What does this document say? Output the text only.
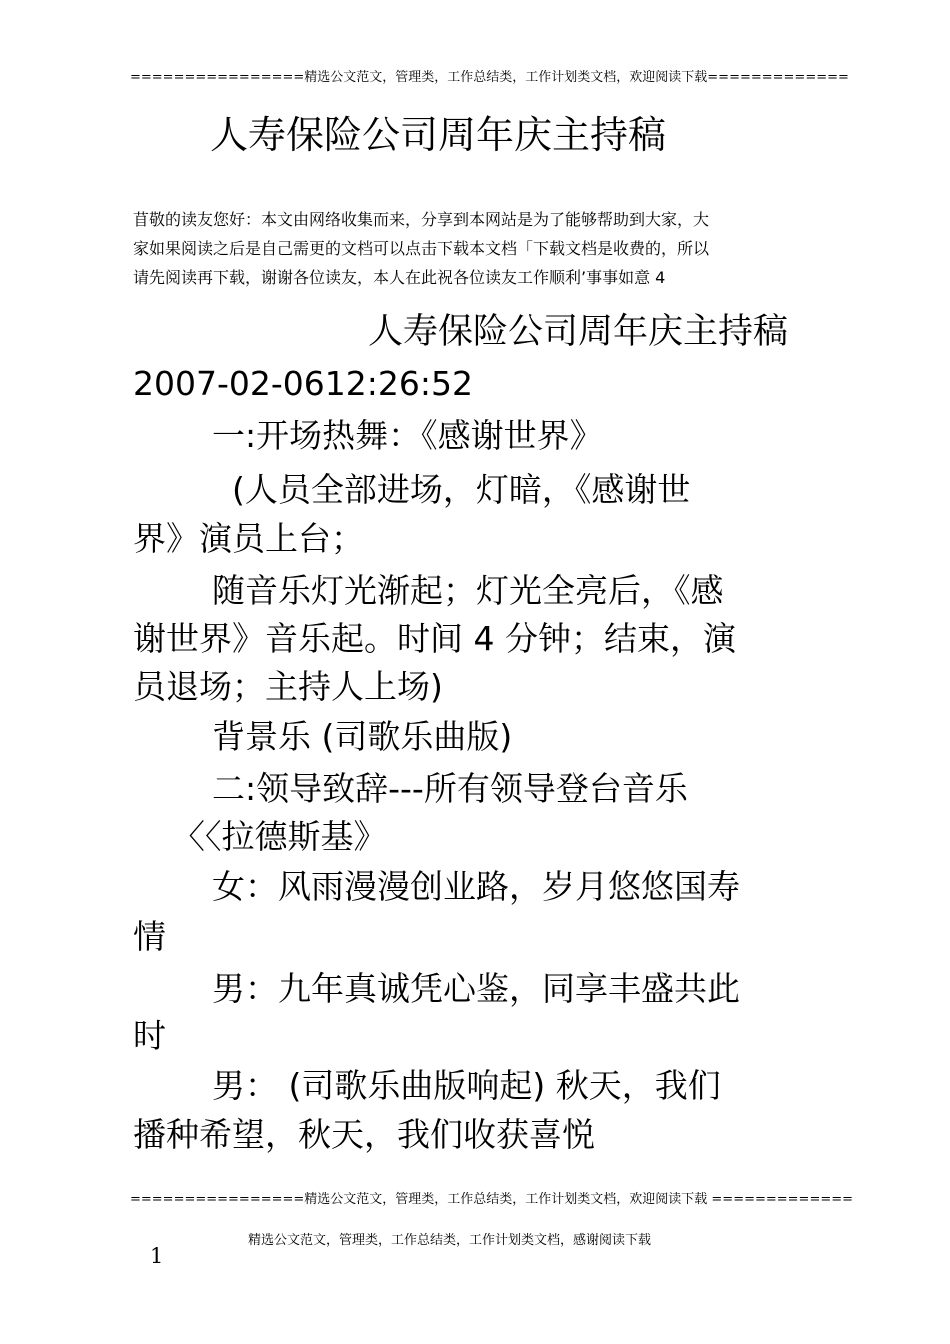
================精选公文范文，管理类，工作总结类，工作计划类文档，欢迎阅读下载=============
人寿保险公司周年庆主持稿
苜敬的读友您好：本文由网络收集而来，分享到本网站是为了能够帮助到大家，大
家如果阅读之后是自己需更的文档可以点击下载本文档「下载文档是收费的，所以
请先阅读再下载，谢谢各位读友，本人在此祝各位读友工作顺利’事事如意 4
人寿保险公司周年庆主持稿
2007-02-0612:26:52
一:开场热舞：《感谢世界》
(人员全部进场，灯暗，《感谢世
界》演员上台；
随音乐灯光渐起；灯光全亮后，《感
谢世界》音乐起。时间 4 分钟；结束，演
员退场；主持人上场)
背景乐 (司歌乐曲版)
二:领导致辞---所有领导登台音乐
〈〈拉德斯基》
女：风雨漫漫创业路，岁月悠悠国寿
情
男：九年真诚凭心鉴，同享丰盛共此
时
男： (司歌乐曲版响起) 秋天，我们
播种希望，秋天，我们收获喜悦
================精选公文范文，管理类，工作总结类，工作计划类文档，欢迎阅读下载 =============
精选公文范文，管理类，工作总结类，工作计划类文档，感谢阅读下载
1
